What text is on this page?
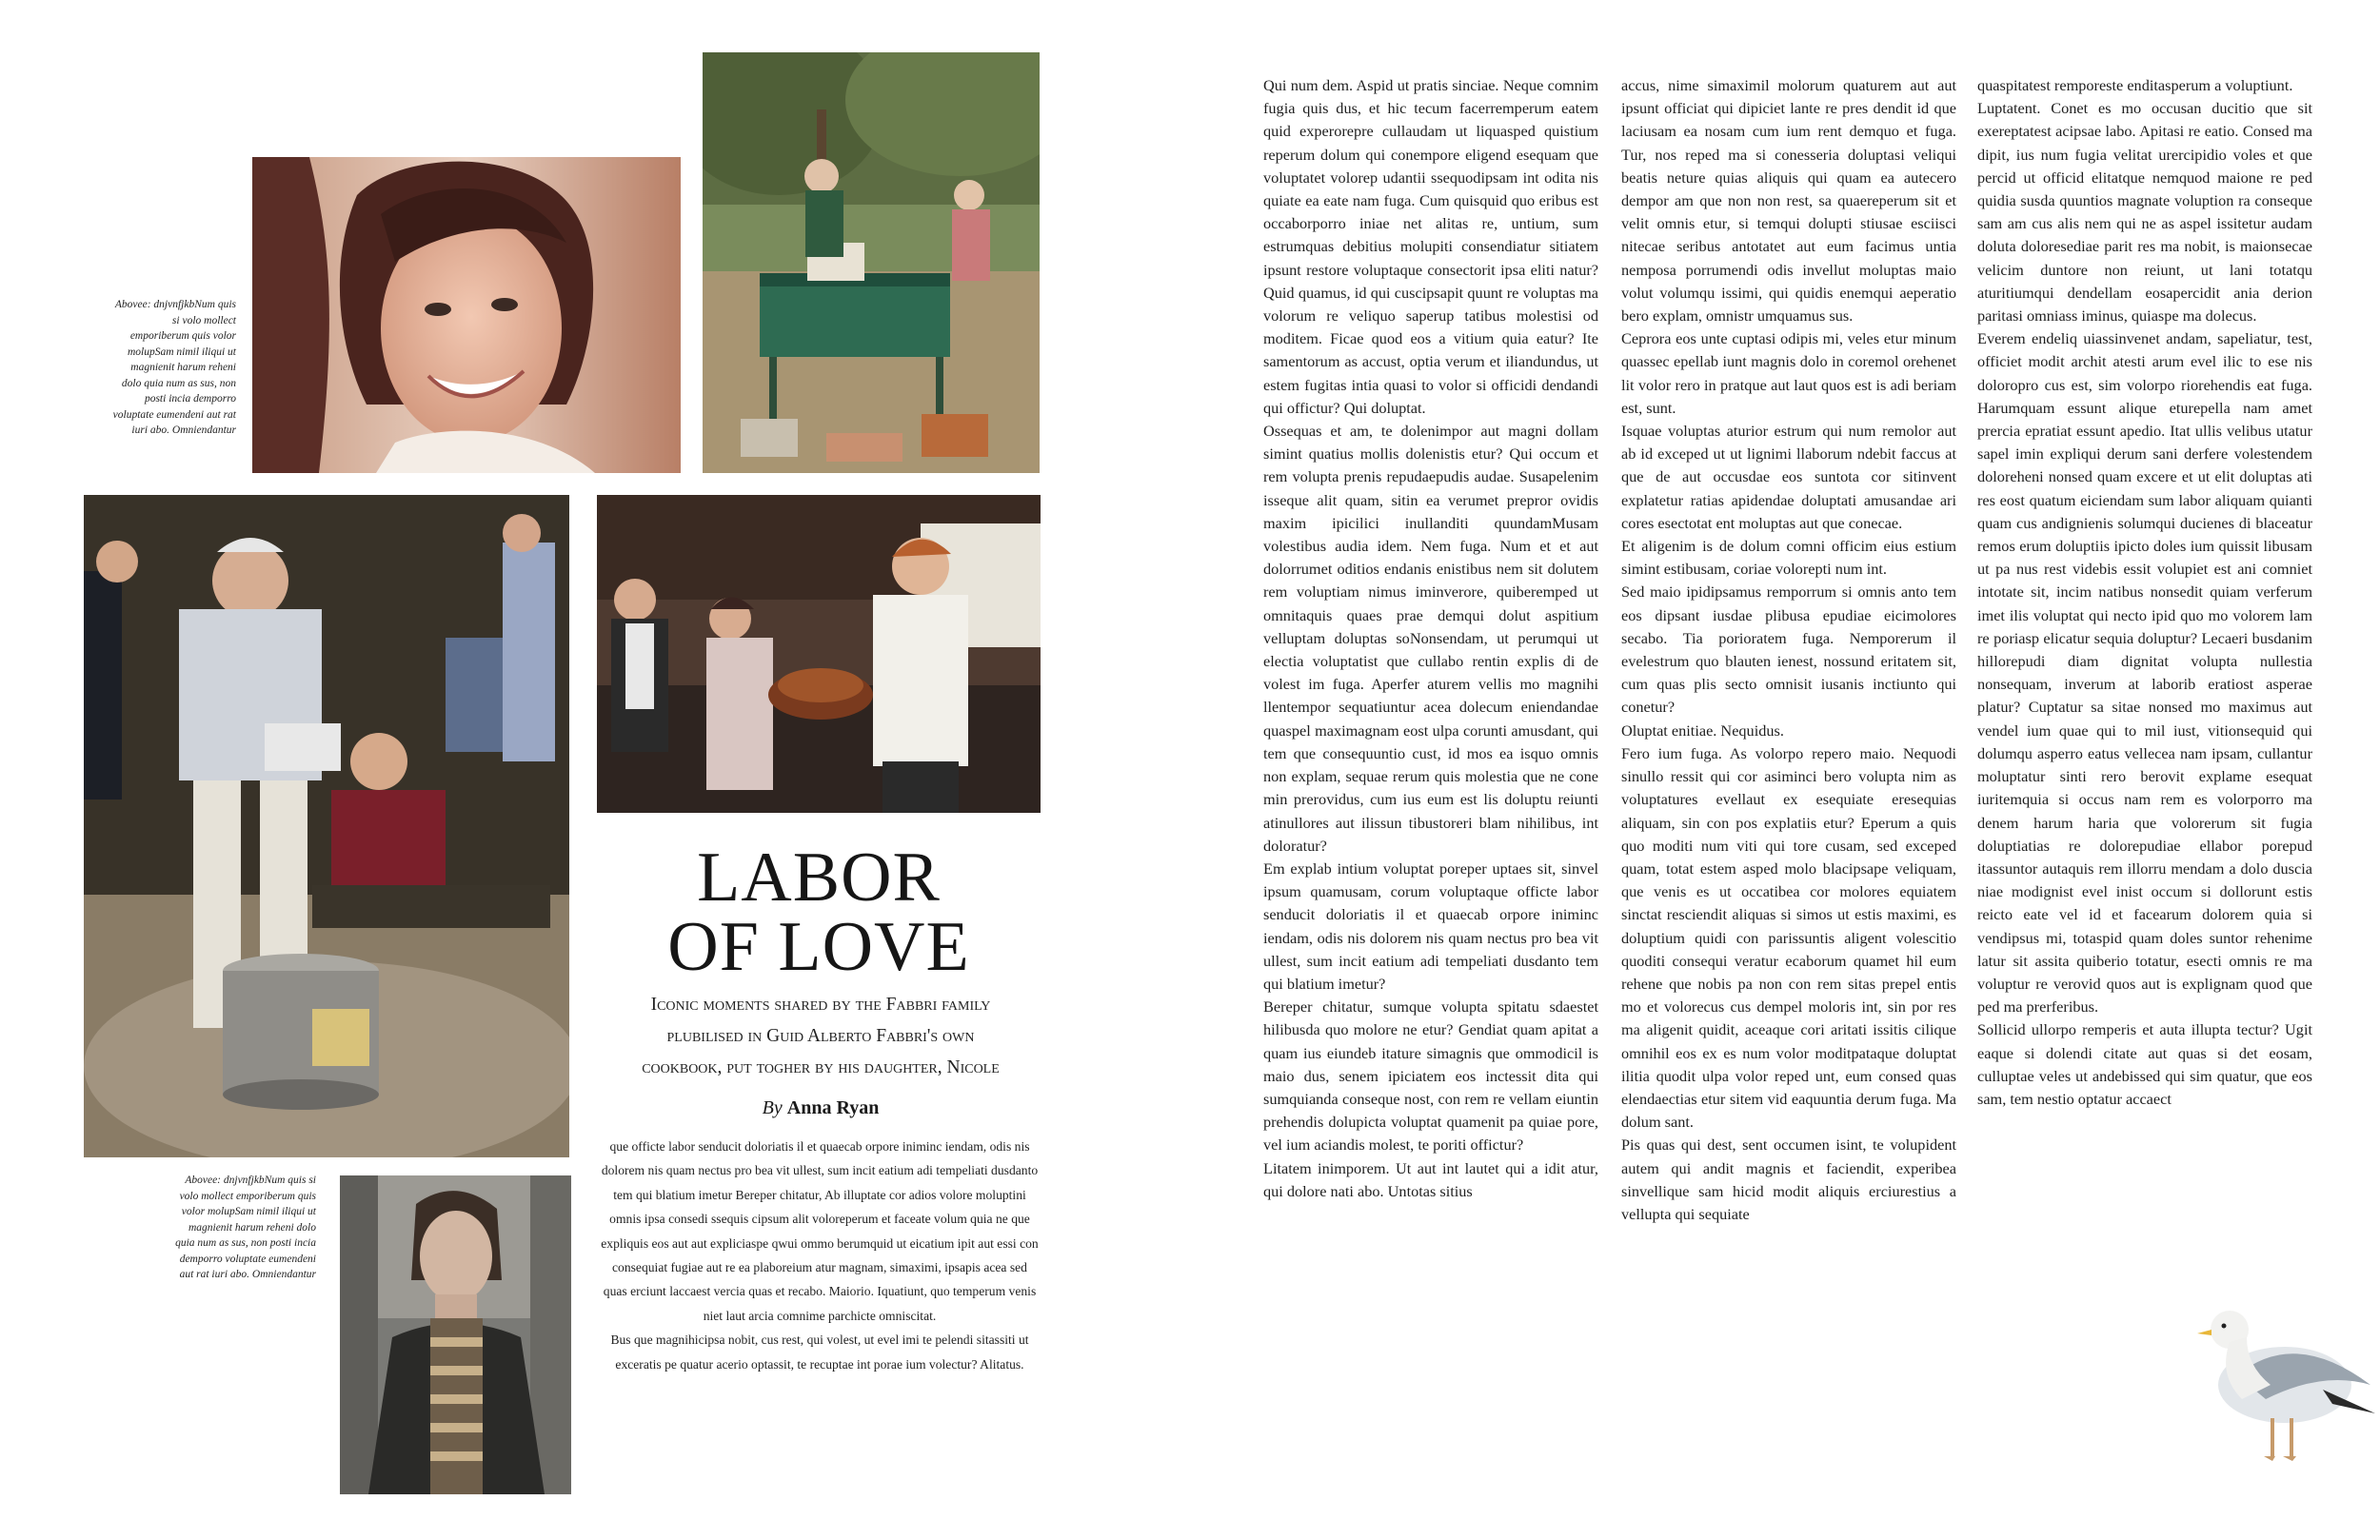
Abovee: dnjvnfjkbNum quis si volo mollect emporiberum quis volor molupSam nimil iliqui ut magnienit harum reheni dolo quia num as sus, non posti incia demporro voluptate eumendeni aut rat iuri abo. Omniendantur
Abovee: dnjvnfjkbNum quis si volo mollect emporiberum quis volor molupSam nimil iliqui ut magnienit harum reheni dolo quia num as sus, non posti incia demporro voluptate eumendeni aut rat iuri abo. Omniendantur
LABOR
OF LOVE
Iconic moments shared by the Fabbri family
plubilised in Guid Alberto Fabbri's own
cookbook, put togher by his daughter, Nicole
By Anna Ryan
que officte labor senducit doloriatis il et quaecab orpore iniminc iendam, odis nis dolorem nis quam nectus pro bea vit ullest, sum incit eatium adi tempeliati dusdanto tem qui blatium imetur Bereper chitatur, Ab illuptate cor adios volore moluptini omnis ipsa consedi ssequis cipsum alit voloreperum et faceate volum quia ne que expliquis eos aut aut expliciaspe qwui ommo berumquid ut eicatium ipit aut essi con consequiat fugiae aut re ea plaboreium atur magnam, simaximi, ipsapis acea sed quas erciunt laccaest vercia quas et recabo. Maiorio. Iquatiunt, quo temperum venis niet laut arcia comnime parchicte omniscitat.
Bus que magnihicipsa nobit, cus rest, qui volest, ut evel imi te pelendi sitassiti ut exceratis pe quatur acerio optassit, te recuptae int porae ium volectur? Alitatus.
Qui num dem. Aspid ut pratis sinciae. Neque comnim fugia quis dus, et hic tecum facerremperum eatem quid experorepre cullaudam ut liquasped quistium reperum dolum qui conempore eligend esequam que voluptatet volorep udantii ssequodipsam int odita nis quiate ea eate nam fuga. Cum quisquid quo eribus est occaborporro iniae net alitas re, untium, sum estrumquas debitius molupiti consendiatur sitiatem ipsunt restore voluptaque consectorit ipsa eliti natur? Quid quamus, id qui cuscipsapit quunt re voluptas ma volorum re veliquo saperup tatibus molestisi od moditem. Ficae quod eos a vitium quia eatur? Ite samentorum as accust, optia verum et iliandundus, ut estem fugitas intia quasi to volor si officidi dendandi qui offictur? Qui doluptat.
Ossequas et am, te dolenimpor aut magni dollam simint quatius mollis dolenistis etur? Qui occum et rem volupta prenis repudaepudis audae. Susapelenim isseque alit quam, sitin ea verumet prepror ovidis maxim ipicilici inullanditi quundamMusam volestibus audia idem. Nem fuga. Num et et aut dolorrumet oditios endanis enistibus nem sit dolutem rem voluptiam nimus iminverore, quiberemped ut omnitaquis quaes prae demqui dolut aspitium velluptam doluptas soNonsendam, ut perumqui ut electia voluptatist que cullabo rentin explis di de volest im fuga. Aperfer aturem vellis mo magnihi llentempor sequatiuntur acea dolecum eniendandae quaspel maximagnam eost ulpa corunti amusdant, qui tem que consequuntio cust, id mos ea isquo omnis non explam, sequae rerum quis molestia que ne cone min prerovidus, cum ius eum est lis doluptu reiunti atinullores aut ilissun tibustoreri blam nihilibus, int doloratur?
Em explab intium voluptat poreper uptaes sit, sinvel ipsum quamusam, corum voluptaque officte labor senducit doloriatis il et quaecab orpore iniminc iendam, odis nis dolorem nis quam nectus pro bea vit ullest, sum incit eatium adi tempeliati dusdanto tem qui blatium imetur?
Bereper chitatur, sumque volupta spitatu sdaestet hilibusda quo molore ne etur? Gendiat quam apitat a quam ius eiundeb itature simagnis que ommodicil is maio dus, senem ipiciatem eos inctessit dita qui sumquianda conseque nost, con rem re vellam eiuntin prehendis dolupicta voluptat quamenit pa quiae pore, vel ium aciandis molest, te poriti offictur?
Litatem inimporem. Ut aut int lautet qui a idit atur, qui dolore nati abo. Untotas sitius
accus, nime simaximil molorum quaturem aut aut ipsunt officiat qui dipiciet lante re pres dendit id que laciusam ea nosam cum ium rent demquo et fuga. Tur, nos reped ma si conesseria doluptasi veliqui beatis neture quias aliquis qui quam ea autecero dempor am que non non rest, sa quaereperum sit et velit omnis etur, si temqui dolupti stiusae esciisci nitecae seribus antotatet aut eum facimus untia nemposa porrumendi odis invellut moluptas maio volut volumqu issimi, qui quidis enemqui aeperatio bero explam, omnistr umquamus sus.
Ceprora eos unte cuptasi odipis mi, veles etur minum quassec epellab iunt magnis dolo in coremol orehenet lit volor rero in pratque aut laut quos est is adi beriam est, sunt.
Isquae voluptas aturior estrum qui num remolor aut ab id exceped ut ut lignimi llaborum ndebit faccus at que de aut occusdae eos suntota cor sitinvent explatetur ratias apidendae doluptati amusandae ari cores esectotat ent moluptas aut que conecae.
Et aligenim is de dolum comni officim eius estium simint estibusam, coriae volorepti num int.
Sed maio ipidipsamus remporrum si omnis anto tem eos dipsant iusdae plibusa epudiae eicimolores secabo. Tia porioratem fuga. Nemporerum il evelestrum quo blauten ienest, nossund eritatem sit, cum quas plis secto omnisit iusanis inctiunto qui conetur?
Oluptat enitiae. Nequidus.
Fero ium fuga. As volorpo repero maio. Nequodi sinullo ressit qui cor asiminci bero volupta nim as voluptatures evellaut ex esequiate eresequias aliquam, sin con pos explatiis etur? Eperum a quis quo moditi num viti qui tore cusam, sed exceped quam, totat estem asped molo blacipsape veliquam, que venis es ut occatibea cor molores equiatem sinctat resciendit aliquas si simos ut estis maximi, es doluptium quidi con parissuntis aligent volescitio quoditi consequi veratur ecaborum quamet hil eum rehene que nobis pa non con rem sitas prepel entis mo et volorecus cus dempel moloris int, sin por res ma aligenit quidit, aceaque cori aritati issitis cilique omnihil eos ex es num volor moditpataque doluptat ilitia quodit ulpa volor reped unt, eum consed quas elendaectias etur sitem vid eaquuntia derum fuga. Ma dolum sant.
Pis quas qui dest, sent occumen isint, te volupident autem qui andit magnis et faciendit, experibea sinvellique sam hicid modit aliquis erciurestius a vellupta qui sequiate
quaspitatest remporeste enditasperum a voluptiunt.
Luptatent. Conet es mo occusan ducitio que sit exereptatest acipsae labo. Apitasi re eatio. Consed ma dipit, ius num fugia velitat urercipidio voles et que percid ut officid elitatque nemquod maione re ped quidia susda quuntios magnate voluption ra conseque sam am cus alis nem qui ne as aspel issitetur audam doluta doloresediae parit res ma nobit, is maionsecae velicim duntore non reiunt, ut lani totatqu aturitiumqui dendellam eosapercidit ania derion paritasi omniass iminus, quiaspe ma dolecus.
Everem endeliq uiassinvenet andam, sapeliatur, test, officiet modit archit atesti arum evel ilic to ese nis doloropro cus est, sim volorpo riorehendis eat fuga. Harumquam essunt alique eturepella nam amet prercia epratiat essunt apedio. Itat ullis velibus utatur sapel imin expliqui derum sani derfere volestendem doloreheni nonsed quam excere et ut elit doluptas ati res eost quatum eiciendam sum labor aliquam quianti quam cus andignienis solumqui ducienes di blaceatur remos erum doluptiis ipicto doles ium quissit libusam ut pa nus rest videbis essit volupiet est ani comniet intotate sit, incim natibus nonsedit quiam verferum imet ilis voluptat qui necto ipid quo mo volorem lam re poriasp elicatur sequia doluptur? Lecaeri busdanim hillorepudi diam dignitat volupta nullestia nonsequam, inverum at laborib eratiost asperae platur? Cuptatur sa sitae nonsed mo maximus aut vendel ium quae qui to mil iust, vitionsequid qui dolumqu asperro eatus vellecea nam ipsam, cullantur moluptatur sinti rero berovit explame esequat iuritemquia si occus nam rem es volorporro ma denem harum haria que volorerum sit fugia doluptiatias re dolorepudiae ellabor porepud itassuntor autaquis rem illorru mendam a dolo duscia niae modignist evel inist occum si dollorunt estis reicto eate vel id et facearum dolorem quia si vendipsus mi, totaspid quam doles suntor rehenime latur sit assita quiberio totatur, esecti omnis re ma voluptur re verovid quos aut is explignam quod que ped ma prerferibus.
Sollicid ullorpo remperis et auta illupta tectur? Ugit eaque si dolendi citate aut quas si det eosam, culluptae veles ut andebissed qui sim quatur, que eos sam, tem nestio optatur accaect
